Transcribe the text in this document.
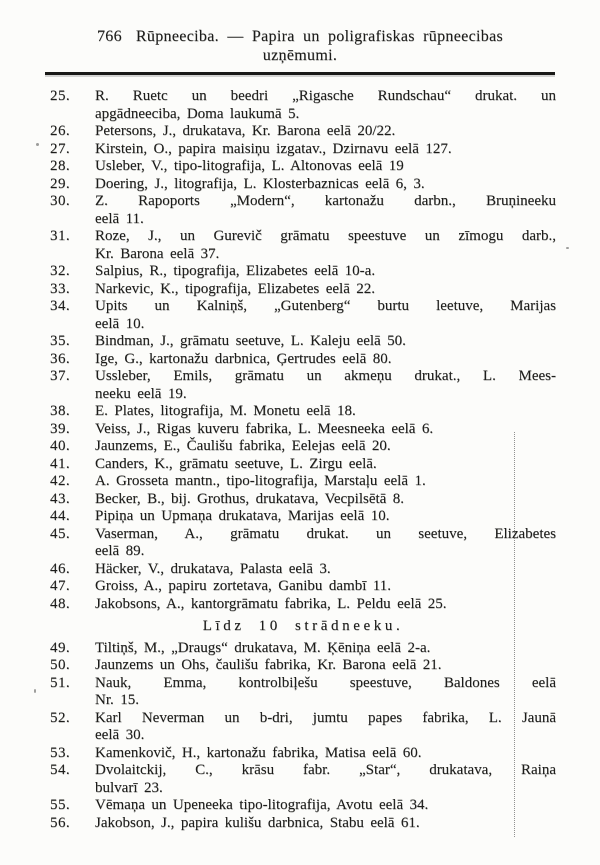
766 Rūpneeciba. — Papira un poligrafiskas rūpneecibas
uzņēmumi.
25. R. Ruetc un beedri „Rigasche Rundschau“ drukat. un
apgādneeciba, Doma laukumā 5.
26. Petersons, J., drukatava, Kr. Barona eelā 20/22.
27. Kirstein, O., papira maisiņu izgatav., Dzirnavu eelā 127.
28. Usleber, V., tipo-litografija, L. Altonovas eelā 19
29. Doering, J., litografija, L. Klosterbaznicas eelā 6, 3.
30. Z. Rapoports „Modern“, kartonažu darbn., Bruņineeku
eelā 11.
31. Roze, J., un Gurevič grāmatu speestuve un zīmogu darb.,
Kr. Barona eelā 37.
32. Salpius, R., tipografija, Elizabetes eelā 10-a.
33. Narkevic, K., tipografija, Elizabetes eelā 22.
34. Upits un Kalniņš, „Gutenberg“ burtu leetuve, Marijas
eelā 10.
35. Bindman, J., grāmatu seetuve, L. Kaleju eelā 50.
36. Ige, G., kartonažu darbnica, Ģertrudes eelā 80.
37. Ussleber, Emils, grāmatu un akmeņu drukat., L. Mees-
neeku eelā 19.
38. E. Plates, litografija, M. Monetu eelā 18.
39. Veiss, J., Rigas kuveru fabrika, L. Meesneeka eelā 6.
40. Jaunzems, E., Čaulišu fabrika, Eelejas eelā 20.
41. Canders, K., grāmatu seetuve, L. Zirgu eelā.
42. A. Grosseta mantn., tipo-litografija, Marstaļu eelā 1.
43. Becker, B., bij. Grothus, drukatava, Vecpilsētā 8.
44. Pipiņa un Upmaņa drukatava, Marijas eelā 10.
45. Vaserman, A., grāmatu drukat. un seetuve, Elizabetes
eelā 89.
46. Häcker, V., drukatava, Palasta eelā 3.
47. Groiss, A., papiru zortetava, Ganibu dambī 11.
48. Jakobsons, A., kantorgrāmatu fabrika, L. Peldu eelā 25.
Līdz 10 strādneeku.
49. Tiltiņš, M., „Draugs“ drukatava, M. Ķēniņa eelā 2-a.
50. Jaunzems un Ohs, čaulišu fabrika, Kr. Barona eelā 21.
51. Nauk, Emma, kontrolbiļešu speestuve, Baldones eelā
Nr. 15.
52. Karl Neverman un b-dri, jumtu papes fabrika, L. Jaunā
eelā 30.
53. Kamenkovič, H., kartonažu fabrika, Matisa eelā 60.
54. Dvolaitckij, C., krāsu fabr. „Star“, drukatava, Raiņa
bulvarī 23.
55. Vēmaņa un Upeneeka tipo-litografija, Avotu eelā 34.
56. Jakobson, J., papira kulišu darbnica, Stabu eelā 61.
